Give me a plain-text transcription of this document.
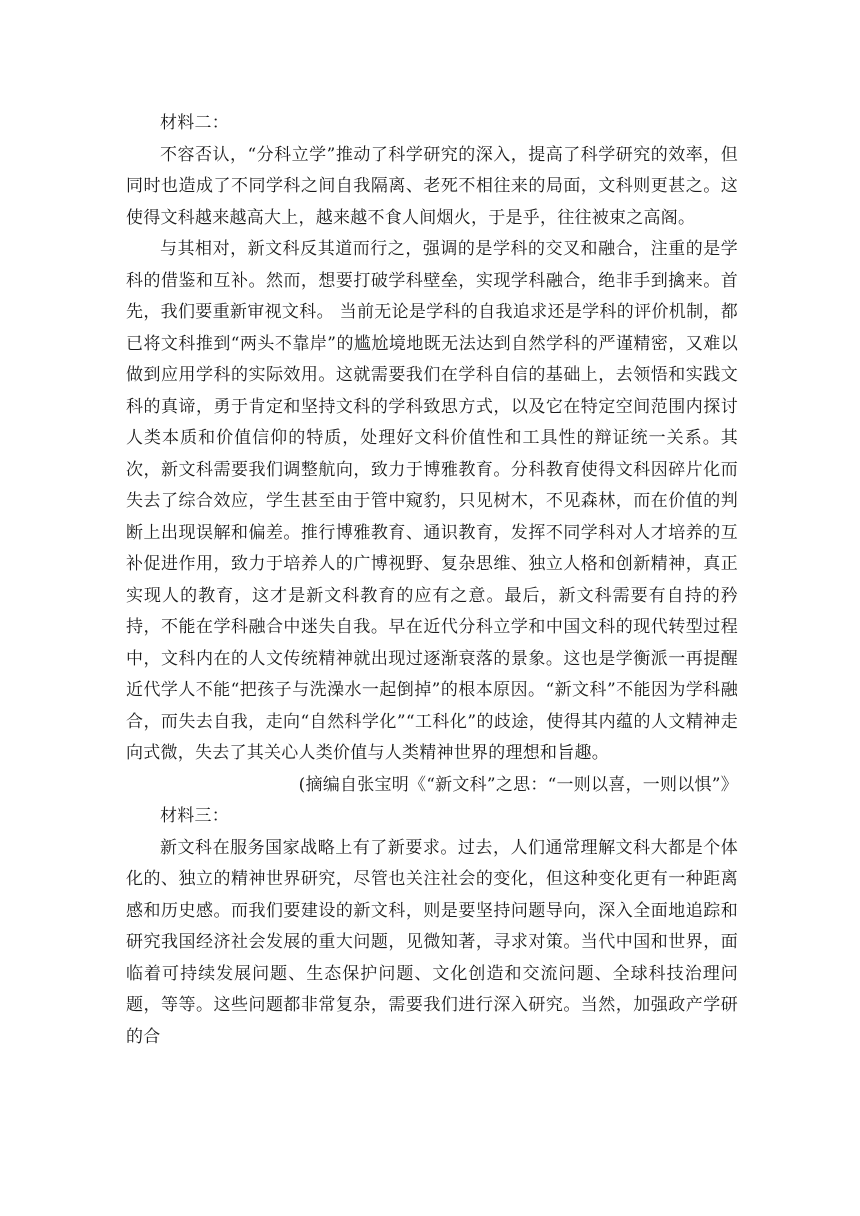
材料二：

不容否认，“分科立学”推动了科学研究的深入，提高了科学研究的效率，但同时也造成了不同学科之间自我隔离、老死不相往来的局面，文科则更甚之。这使得文科越来越高大上，越来越不食人间烟火，于是乎，往往被束之高阁。

与其相对，新文科反其道而行之，强调的是学科的交叉和融合，注重的是学科的借鉴和互补。然而，想要打破学科壁垒，实现学科融合，绝非手到擒来。首先，我们要重新审视文科。 当前无论是学科的自我追求还是学科的评价机制，都已将文科推到“两头不靠岸”的尴尬境地既无法达到自然学科的严谨精密，又难以做到应用学科的实际效用。这就需要我们在学科自信的基础上，去领悟和实践文科的真谛，勇于肯定和坚持文科的学科致思方式，以及它在特定空间范围内探讨人类本质和价值信仰的特质，处理好文科价值性和工具性的辩证统一关系。其次，新文科需要我们调整航向，致力于博雅教育。分科教育使得文科因碎片化而失去了综合效应，学生甚至由于管中窥豹，只见树木，不见森林，而在价值的判断上出现误解和偏差。推行博雅教育、通识教育，发挥不同学科对人才培养的互补促进作用，致力于培养人的广博视野、复杂思维、独立人格和创新精神，真正实现人的教育，这才是新文科教育的应有之意。最后，新文科需要有自持的矜持，不能在学科融合中迷失自我。早在近代分科立学和中国文科的现代转型过程中，文科内在的人文传统精神就出现过逐渐衰落的景象。这也是学衡派一再提醒近代学人不能“把孩子与洗澡水一起倒掉”的根本原因。“新文科”不能因为学科融合，而失去自我，走向“自然科学化”“工科化”的歧途，使得其内蕴的人文精神走向式微，失去了其关心人类价值与人类精神世界的理想和旨趣。

(摘编自张宝明《“新文科”之思：“一则以喜，一则以惧”》

材料三：

新文科在服务国家战略上有了新要求。过去，人们通常理解文科大都是个体化的、独立的精神世界研究，尽管也关注社会的变化，但这种变化更有一种距离感和历史感。而我们要建设的新文科，则是要坚持问题导向，深入全面地追踪和研究我国经济社会发展的重大问题，见微知著，寻求对策。当代中国和世界，面临着可持续发展问题、生态保护问题、文化创造和交流问题、全球科技治理问题，等等。这些问题都非常复杂，需要我们进行深入研究。当然，加强政产学研的合
